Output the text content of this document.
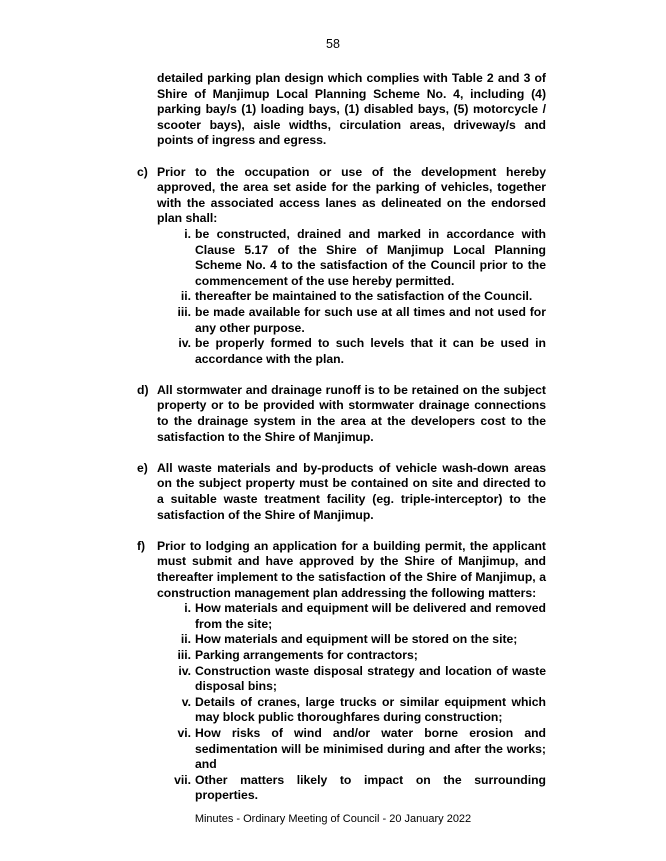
58
detailed parking plan design which complies with Table 2 and 3 of Shire of Manjimup Local Planning Scheme No. 4, including (4) parking bay/s (1) loading bays, (1) disabled bays, (5) motorcycle / scooter bays), aisle widths, circulation areas, driveway/s and points of ingress and egress.
c) Prior to the occupation or use of the development hereby approved, the area set aside for the parking of vehicles, together with the associated access lanes as delineated on the endorsed plan shall:
i. be constructed, drained and marked in accordance with Clause 5.17 of the Shire of Manjimup Local Planning Scheme No. 4 to the satisfaction of the Council prior to the commencement of the use hereby permitted.
ii. thereafter be maintained to the satisfaction of the Council.
iii. be made available for such use at all times and not used for any other purpose.
iv. be properly formed to such levels that it can be used in accordance with the plan.
d) All stormwater and drainage runoff is to be retained on the subject property or to be provided with stormwater drainage connections to the drainage system in the area at the developers cost to the satisfaction to the Shire of Manjimup.
e) All waste materials and by-products of vehicle wash-down areas on the subject property must be contained on site and directed to a suitable waste treatment facility (eg. triple-interceptor) to the satisfaction of the Shire of Manjimup.
f) Prior to lodging an application for a building permit, the applicant must submit and have approved by the Shire of Manjimup, and thereafter implement to the satisfaction of the Shire of Manjimup, a construction management plan addressing the following matters:
i. How materials and equipment will be delivered and removed from the site;
ii. How materials and equipment will be stored on the site;
iii. Parking arrangements for contractors;
iv. Construction waste disposal strategy and location of waste disposal bins;
v. Details of cranes, large trucks or similar equipment which may block public thoroughfares during construction;
vi. How risks of wind and/or water borne erosion and sedimentation will be minimised during and after the works; and
vii. Other matters likely to impact on the surrounding properties.
Minutes - Ordinary Meeting of Council - 20 January 2022
